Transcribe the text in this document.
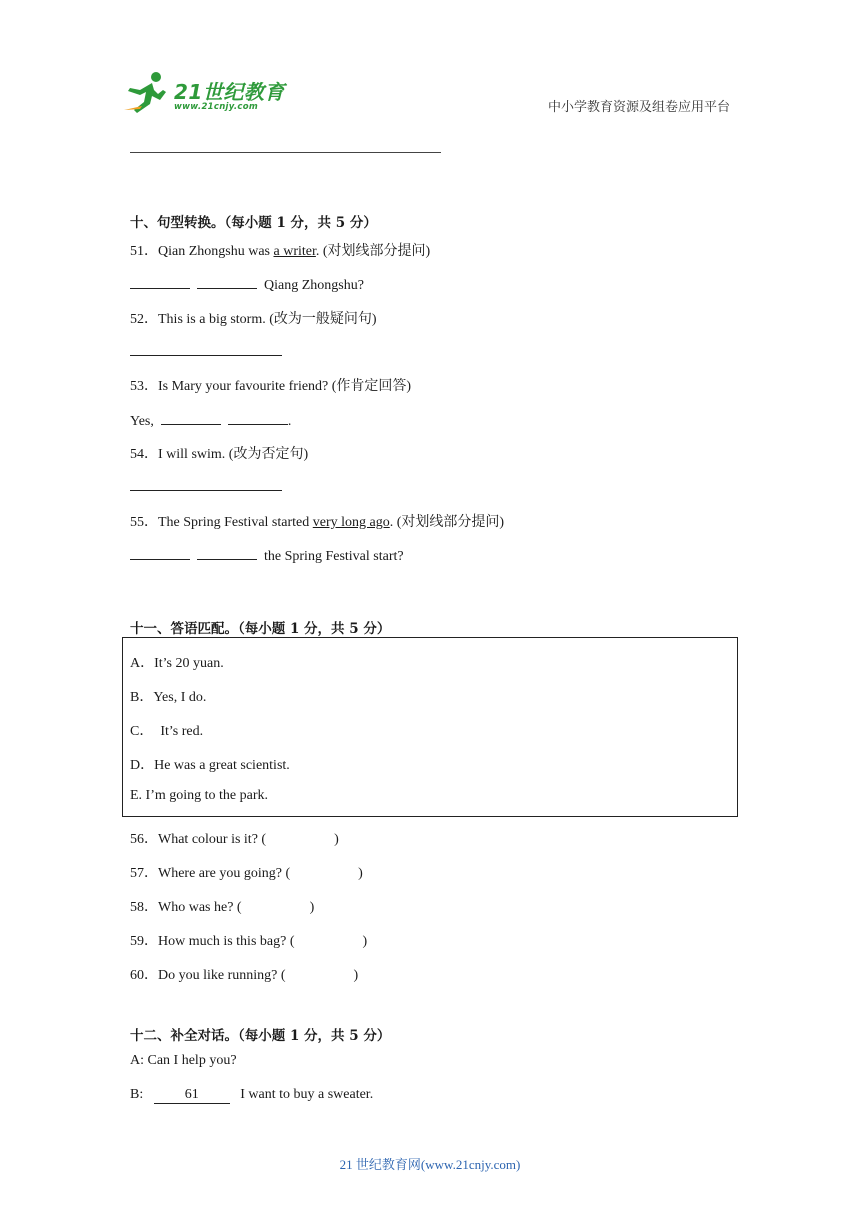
21世纪教育
www.21cnjy.com	中小学教育资源及组卷应用平台
十、句型转换。（每小题 1 分，共 5 分）
51．Qian Zhongshu was a writer. (对划线部分提问)
Qiang Zhongshu?
52．This is a big storm. (改为一般疑问句)
53．Is Mary your favourite friend? (作肯定回答)
Yes,	.
54．I will swim. (改为否定句)
55．The Spring Festival started very long ago. (对划线部分提问)
the Spring Festival start?
十一、答语匹配。（每小题 1 分，共 5 分）
A．It’s 20 yuan.
B．Yes, I do.
C．  It’s red.
D．He was a great scientist.
E. I’m going to the park.
56．What colour is it? (	)
57．Where are you going? (	)
58．Who was he? (	)
59．How much is this bag? (	)
60．Do you like running? (	)
十二、补全对话。（每小题 1 分，共 5 分）
A: Can I help you?
B:	61	I want to buy a sweater.
21 世纪教育网(www.21cnjy.com)
